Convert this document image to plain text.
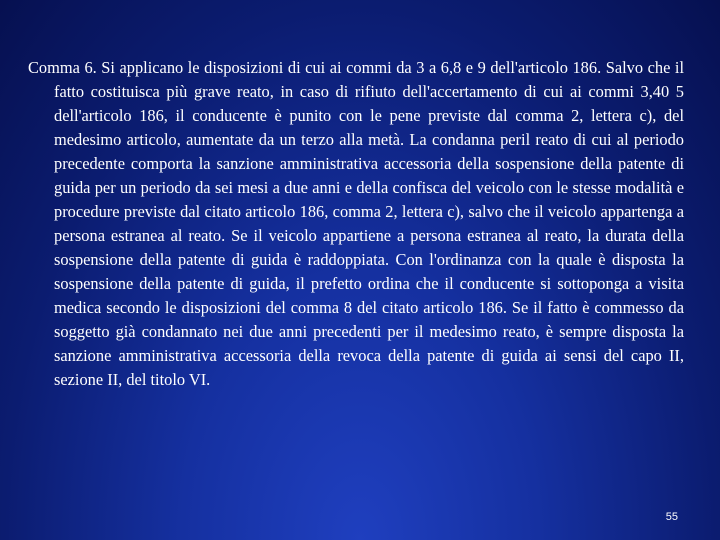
Comma 6. Si applicano le disposizioni di cui ai commi da 3 a 6,8 e 9 dell'articolo 186. Salvo che il fatto costituisca più grave reato, in caso di rifiuto dell'accertamento di cui ai commi 3,40 5 dell'articolo 186, il conducente è punito con le pene previste dal comma 2, lettera c), del medesimo articolo, aumentate da un terzo alla metà. La condanna peril reato di cui al periodo precedente comporta la sanzione amministrativa accessoria della sospensione della patente di guida per un periodo da sei mesi a due anni e della confisca del veicolo con le stesse modalità e procedure previste dal citato articolo 186, comma 2, lettera c), salvo che il veicolo appartenga a persona estranea al reato. Se il veicolo appartiene a persona estranea al reato, la durata della sospensione della patente di guida è raddoppiata. Con l'ordinanza con la quale è disposta la sospensione della patente di guida, il prefetto ordina che il conducente si sottoponga a visita medica secondo le disposizioni del comma 8 del citato articolo 186. Se il fatto è commesso da soggetto già condannato nei due anni precedenti per il medesimo reato, è sempre disposta la sanzione amministrativa accessoria della revoca della patente di guida ai sensi del capo II, sezione II, del titolo VI.

55
